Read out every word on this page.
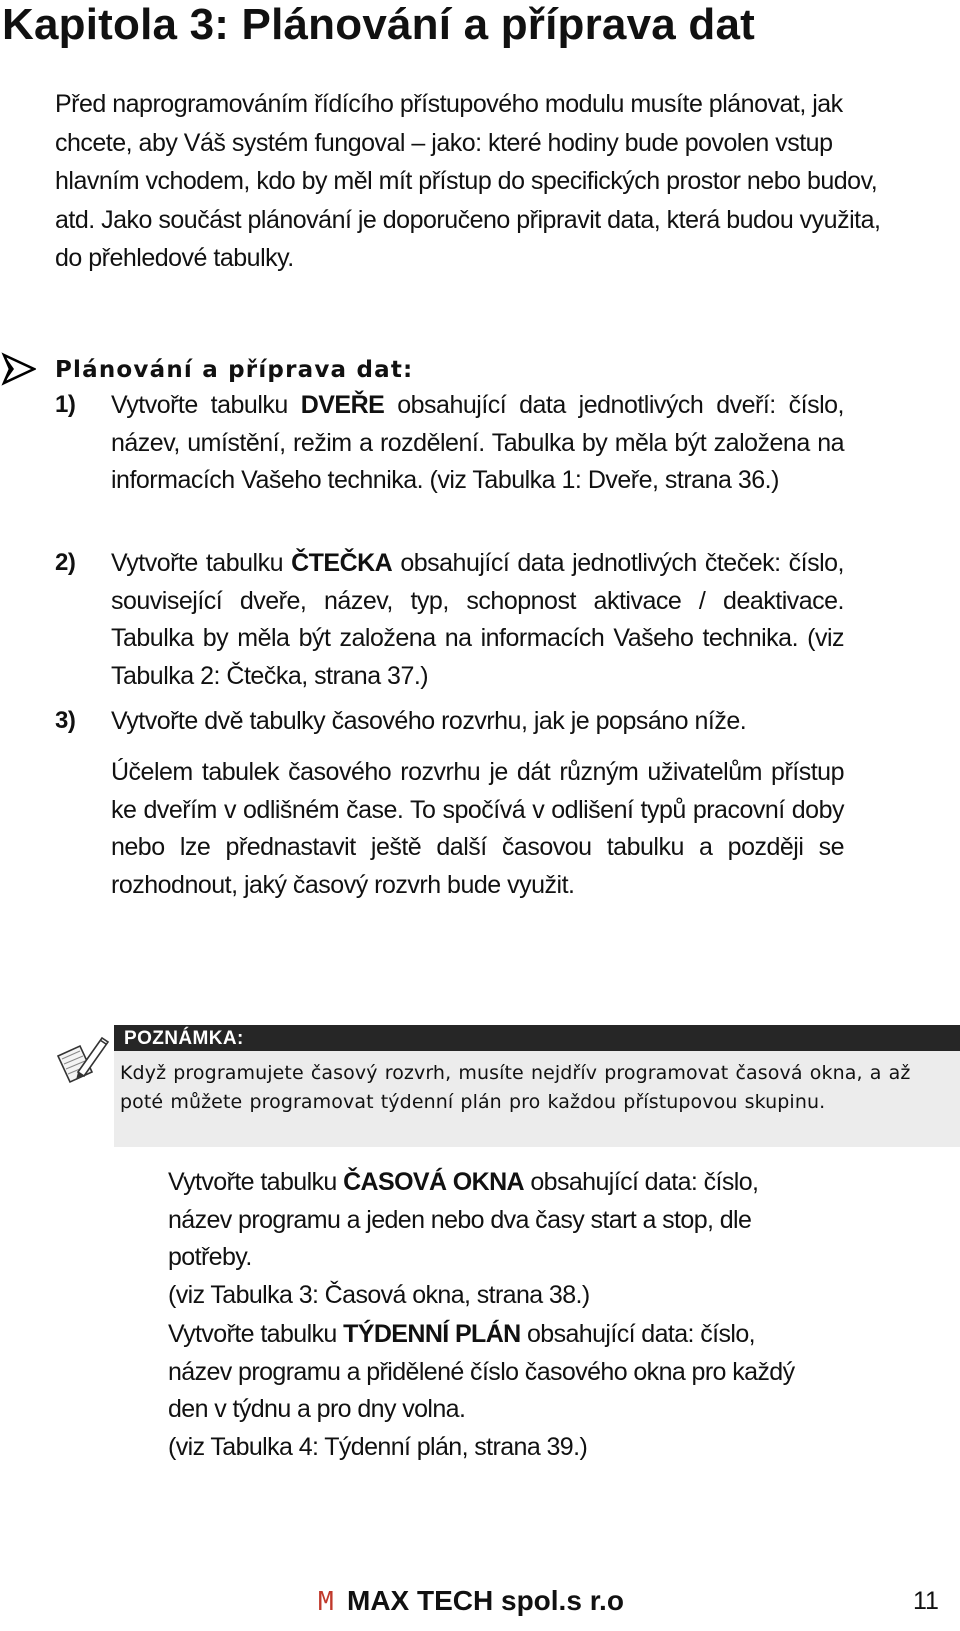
Kapitola 3: Plánování a příprava dat
Před naprogramováním řídícího přístupového modulu musíte plánovat, jak chcete, aby Váš systém fungoval – jako: které hodiny bude povolen vstup hlavním vchodem, kdo by měl mít přístup do specifických prostor nebo budov, atd. Jako součást plánování je doporučeno připravit data, která budou využita, do přehledové tabulky.
Plánování a příprava dat:
1) Vytvořte tabulku DVEŘE obsahující data jednotlivých dveří: číslo, název, umístění, režim a rozdělení. Tabulka by měla být založena na informacích Vašeho technika. (viz Tabulka 1: Dveře, strana 36.)

2) Vytvořte tabulku ČTEČKA obsahující data jednotlivých čteček: číslo, související dveře, název, typ, schopnost aktivace / deaktivace. Tabulka by měla být založena na informacích Vašeho technika. (viz Tabulka 2: Čtečka, strana 37.)

3) Vytvořte dvě tabulky časového rozvrhu, jak je popsáno níže.

Účelem tabulek časového rozvrhu je dát různým uživatelům přístup ke dveřím v odlišném čase. To spočívá v odlišení typů pracovní doby nebo lze přednastavit ještě další časovou tabulku a později se rozhodnout, jaký časový rozvrh bude využit.

POZNÁMKA:
Když programujete časový rozvrh, musíte nejdřív programovat časová okna, a až poté můžete programovat týdenní plán pro každou přístupovou skupinu.
Vytvořte tabulku ČASOVÁ OKNA obsahující data: číslo, název programu a jeden nebo dva časy start a stop, dle potřeby.
(viz Tabulka 3: Časová okna, strana 38.)
Vytvořte tabulku TÝDENNÍ PLÁN obsahující data: číslo, název programu a přidělené číslo časového okna pro každý den v týdnu a pro dny volna.
(viz Tabulka 4: Týdenní plán, strana 39.)
M MAX TECH spol.s r.o	11
